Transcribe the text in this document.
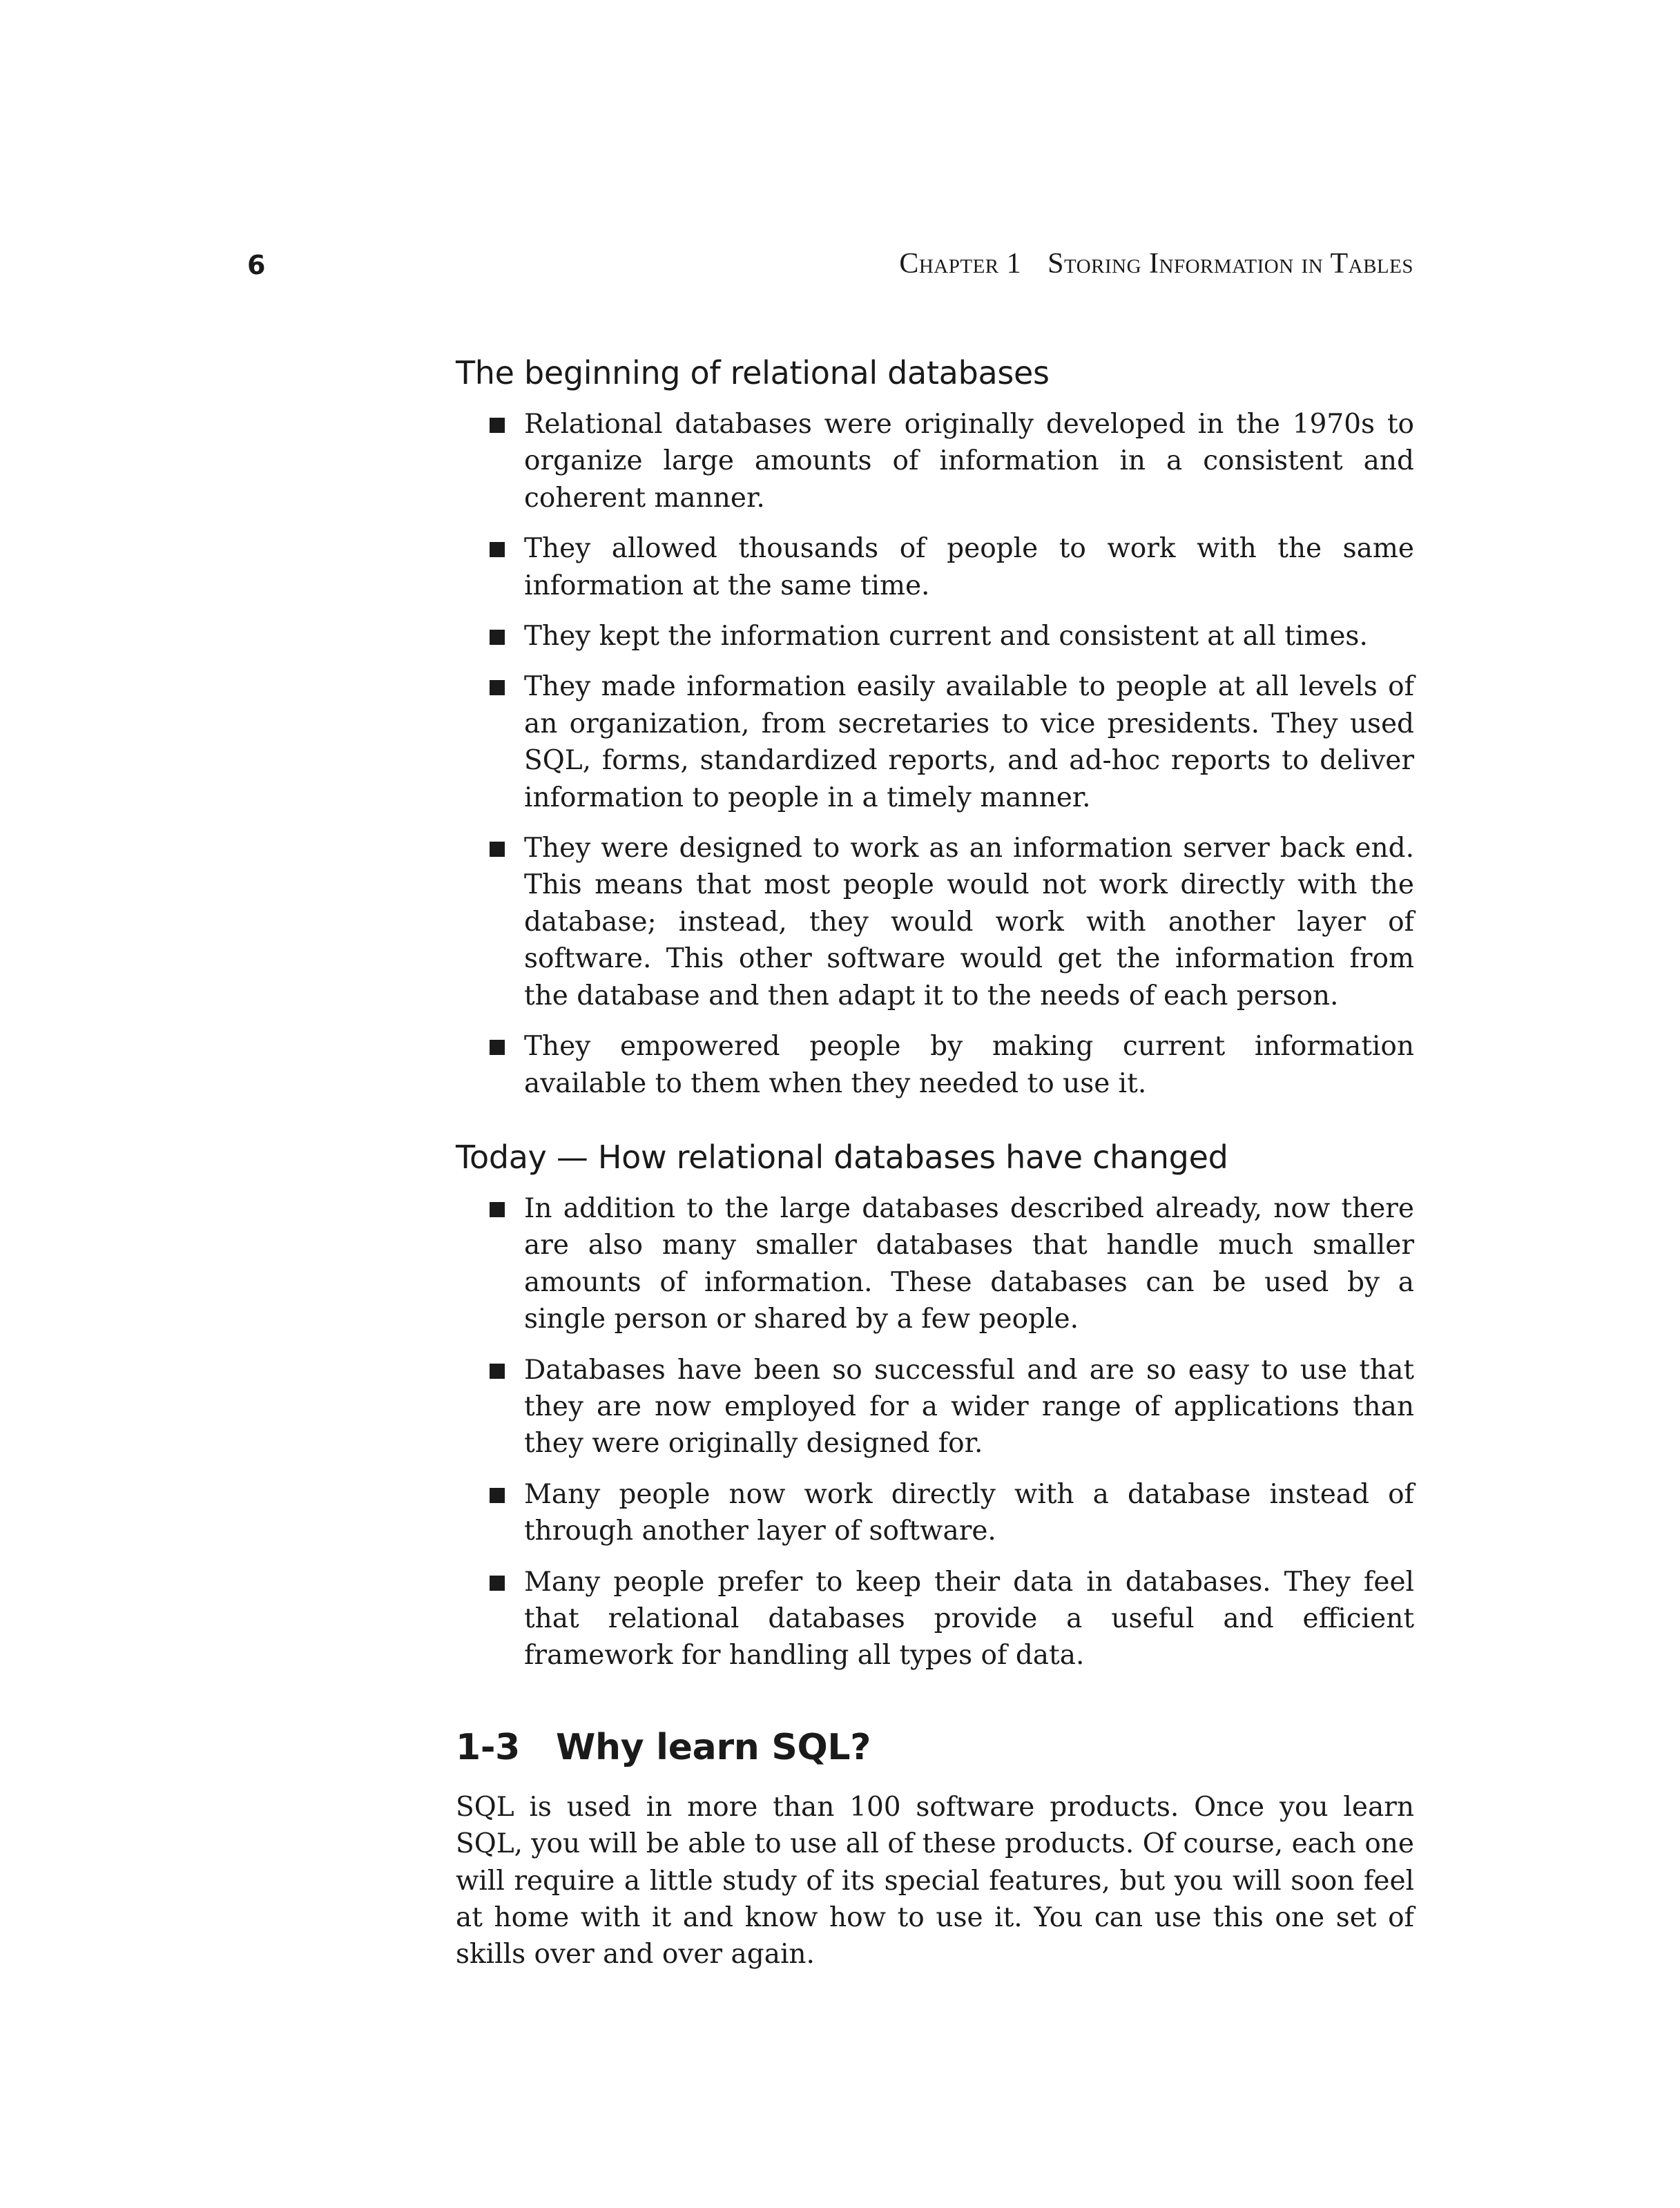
6	Chapter 1 Storing Information in Tables
The beginning of relational databases
Relational databases were originally developed in the 1970s to organize large amounts of information in a consistent and coherent manner.
They allowed thousands of people to work with the same information at the same time.
They kept the information current and consistent at all times.
They made information easily available to people at all levels of an organization, from secretaries to vice presidents. They used SQL, forms, standardized reports, and ad-hoc reports to deliver information to people in a timely manner.
They were designed to work as an information server back end. This means that most people would not work directly with the database; instead, they would work with another layer of software. This other software would get the information from the database and then adapt it to the needs of each person.
They empowered people by making current information available to them when they needed to use it.
Today — How relational databases have changed
In addition to the large databases described already, now there are also many smaller databases that handle much smaller amounts of information. These databases can be used by a single person or shared by a few people.
Databases have been so successful and are so easy to use that they are now employed for a wider range of applications than they were originally designed for.
Many people now work directly with a database instead of through another layer of software.
Many people prefer to keep their data in databases. They feel that relational databases provide a useful and efficient framework for handling all types of data.
1-3 Why learn SQL?

SQL is used in more than 100 software products. Once you learn SQL, you will be able to use all of these products. Of course, each one will require a little study of its special features, but you will soon feel at home with it and know how to use it. You can use this one set of skills over and over again.
